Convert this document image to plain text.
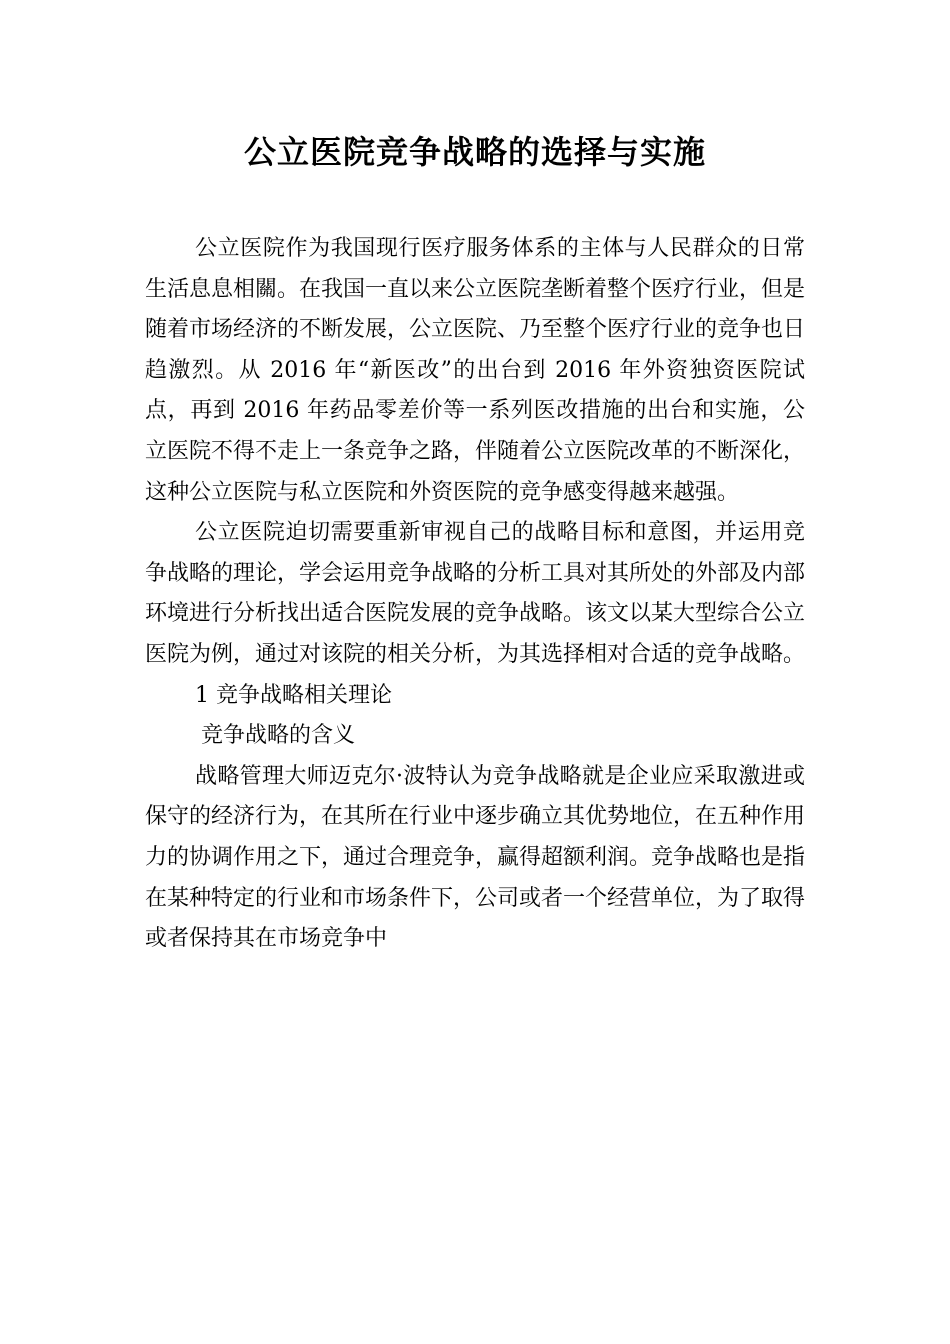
公立医院竞争战略的选择与实施

公立医院作为我国现行医疗服务体系的主体与人民群众的日常生活息息相關。在我国一直以来公立医院垄断着整个医疗行业，但是随着市场经济的不断发展，公立医院、乃至整个医疗行业的竞争也日趋激烈。从 2016 年“新医改”的出台到 2016 年外资独资医院试点，再到 2016 年药品零差价等一系列医改措施的出台和实施，公立医院不得不走上一条竞争之路，伴随着公立医院改革的不断深化，这种公立医院与私立医院和外资医院的竞争感变得越来越强。

公立医院迫切需要重新审视自己的战略目标和意图，并运用竞争战略的理论，学会运用竞争战略的分析工具对其所处的外部及内部环境进行分析找出适合医院发展的竞争战略。该文以某大型综合公立医院为例，通过对该院的相关分析，为其选择相对合适的竞争战略。

1 竞争战略相关理论

竞争战略的含义

战略管理大师迈克尔·波特认为竞争战略就是企业应采取激进或保守的经济行为，在其所在行业中逐步确立其优势地位，在五种作用力的协调作用之下，通过合理竞争，赢得超额利润。竞争战略也是指在某种特定的行业和市场条件下，公司或者一个经营单位，为了取得或者保持其在市场竞争中
